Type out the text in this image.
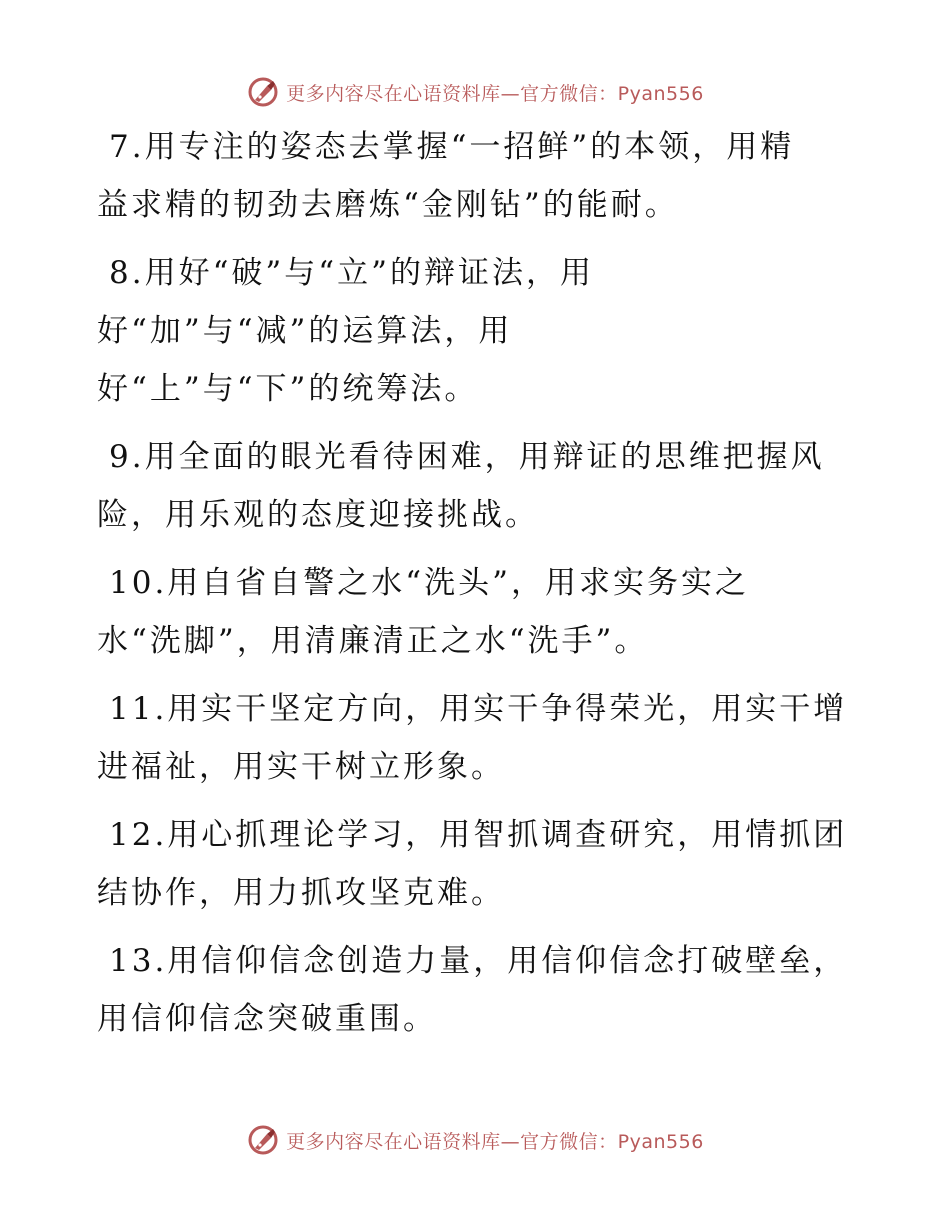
更多内容尽在心语资料库—官方微信：Pyan556
7.用专注的姿态去掌握“一招鲜”的本领，用精
益求精的韧劲去磨炼“金刚钻”的能耐。
8.用好“破”与“立”的辩证法，用
好“加”与“减”的运算法，用
好“上”与“下”的统筹法。
9.用全面的眼光看待困难，用辩证的思维把握风
险，用乐观的态度迎接挑战。
10.用自省自警之水“洗头”，用求实务实之
水“洗脚”，用清廉清正之水“洗手”。
11.用实干坚定方向，用实干争得荣光，用实干增
进福祉，用实干树立形象。
12.用心抓理论学习，用智抓调查研究，用情抓团
结协作，用力抓攻坚克难。
13.用信仰信念创造力量，用信仰信念打破壁垒，
用信仰信念突破重围。
更多内容尽在心语资料库—官方微信：Pyan556
